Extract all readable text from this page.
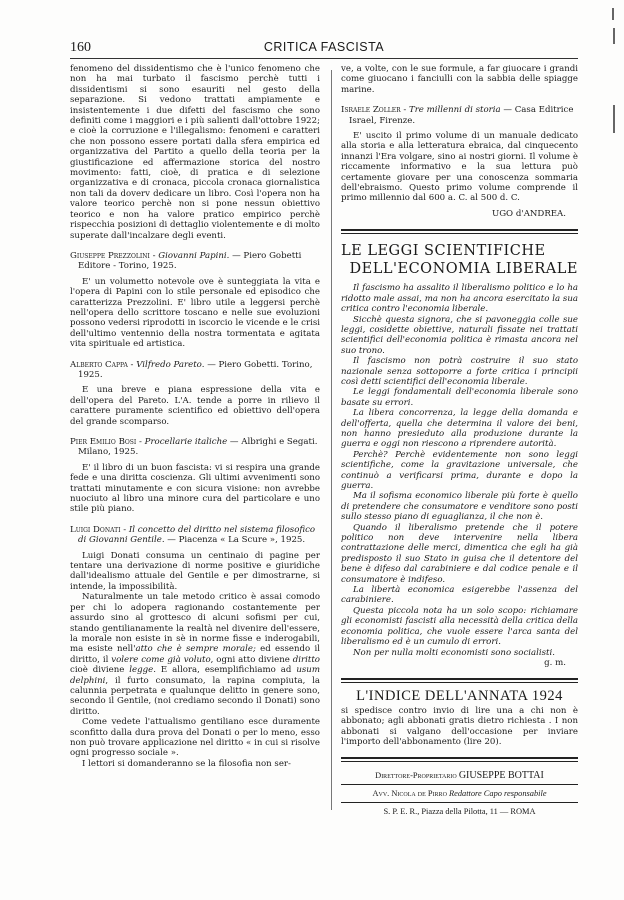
160	CRITICA FASCISTA

fenomeno del dissidentismo che è l'unico fenomeno che non ha mai turbato il fascismo perchè tutti i dissidentismi si sono esauriti nel gesto della separazione. Si vedono trattati ampiamente e insistentemente i due difetti del fascismo che sono definiti come i maggiori e i più salienti dall'ottobre 1922; e cioè la corruzione e l'illegalismo: fenomeni e caratteri che non possono essere portati dalla sfera empirica ed organizzativa del Partito a quello della teoria per la giustificazione ed affermazione storica del nostro movimento: fatti, cioè, di pratica e di selezione organizzativa e di cronaca, piccola cronaca giornalistica non tali da doverv dedicare un libro. Così l'opera non ha valore teorico perchè non si pone nessun obiettivo teorico e non ha valore pratico empirico perchè rispecchia posizioni di dettaglio violentemente e di molto superate dall'incalzare degli eventi.

Giuseppe Prezzolini - Giovanni Papini. — Piero Gobetti Editore - Torino, 1925.

E' un volumetto notevole ove è sunteggiata la vita e l'opera di Papini con lo stile personale ed episodico che caratterizza Prezzolini. E' libro utile a leggersi perchè nell'opera dello scrittore toscano e nelle sue evoluzioni possono vedersi riprodotti in iscorcio le vicende e le crisi dell'ultimo ventennio della nostra tormentata e agitata vita spirituale ed artistica.

Alberto Cappa - Vilfredo Pareto. — Piero Gobetti. Torino, 1925.

E una breve e piana espressione della vita e dell'opera del Pareto. L'A. tende a porre in rilievo il carattere puramente scientifico ed obiettivo dell'opera del grande scomparso.

Pier Emilio Bosi - Procellarie italiche — Albrighi e Segati. Milano, 1925.

E' il libro di un buon fascista: vi si respira una grande fede e una diritta coscienza. Gli ultimi avvenimenti sono trattati minutamente e con sicura visione: non avrebbe nuociuto al libro una minore cura del particolare e uno stile più piano.

Luigi Donati - Il concetto del diritto nel sistema filosofico di Giovanni Gentile. — Piacenza « La Scure », 1925.

Luigi Donati consuma un centinaio di pagine per tentare una derivazione di norme positive e giuridiche dall'idealismo attuale del Gentile e per dimostrarne, si intende, la impossibilità.

Naturalmente un tale metodo critico è assai comodo per chi lo adopera ragionando costantemente per assurdo sino al grottesco di alcuni sofismi per cui, stando gentilianamente la realtà nel divenire dell'essere, la morale non esiste in sè in norme fisse e inderogabili, ma esiste nell'atto che è sempre morale; ed essendo il diritto, il volere come già voluto, ogni atto diviene diritto cioè diviene legge. E allora, esemplifichiamo ad usum delphini, il furto consumato, la rapina compiuta, la calunnia perpetrata e qualunque delitto in genere sono, secondo il Gentile, (noi crediamo secondo il Donati) sono diritto.

Come vedete l'attualismo gentiliano esce duramente sconfitto dalla dura prova del Donati o per lo meno, esso non può trovare applicazione nel diritto « in cui si risolve ogni progresso sociale ».

I lettori si domanderanno se la filosofia non ser-

ve, a volte, con le sue formule, a far giuocare i grandi come giuocano i fanciulli con la sabbia delle spiagge marine.

Israele Zoller - Tre millenni di storia — Casa Editrice Israel, Firenze.

E' uscito il primo volume di un manuale dedicato alla storia e alla letteratura ebraica, dal cinquecento innanzi l'Era volgare, sino ai nostri giorni. Il volume è riccamente informativo e la sua lettura può certamente giovare per una conoscenza sommaria dell'ebraismo. Questo primo volume comprende il primo millennio dal 600 a. C. al 500 d. C.

UGO d'ANDREA.

LE LEGGI SCIENTIFICHE
DELL'ECONOMIA LIBERALE

Il fascismo ha assalito il liberalismo politico e lo ha ridotto male assai, ma non ha ancora esercitato la sua critica contro l'economia liberale.

Sicchè questa signora, che si pavoneggia colle sue leggi, cosidette obiettive, naturali fissate nei trattati scientifici dell'economia politica è rimasta ancora nel suo trono.

Il fascismo non potrà costruire il suo stato nazionale senza sottoporre a forte critica i principii così detti scientifici dell'economia liberale.

Le leggi fondamentali dell'economia liberale sono basate su errori.

La libera concorrenza, la legge della domanda e dell'offerta, quella che determina il valore dei beni, non hanno presieduto alla produzione durante la guerra e oggi non riescono a riprendere autorità.

Perchè? Perchè evidentemente non sono leggi scientifiche, come la gravitazione universale, che continuò a verificarsi prima, durante e dopo la guerra.

Ma il sofisma economico liberale più forte è quello di pretendere che consumatore e venditore sono posti sullo stesso piano di eguaglianza, il che non è.

Quando il liberalismo pretende che il potere politico non deve intervenire nella libera contrattazione delle merci, dimentica che egli ha già predisposto il suo Stato in guisa che il detentore del bene è difeso dal carabiniere e dal codice penale e il consumatore è indifeso.

La libertà economica esigerebbe l'assenza del carabiniere.

Questa piccola nota ha un solo scopo: richiamare gli economisti fascisti alla necessità della critica della economia politica, che vuole essere l'arca santa del liberalismo ed è un cumulo di errori.

Non per nulla molti economisti sono socialisti.

g. m.

L'INDICE DELL'ANNATA 1924

si spedisce contro invio di lire una a chi non è abbonato; agli abbonati gratis dietro richiesta . I non abbonati si valgano dell'occasione per inviare l'importo dell'abbonamento (lire 20).

Direttore-Proprietario GIUSEPPE BOTTAI
Avv. Nicola de Pirro Redattore Capo responsabile
S. P. E. R., Piazza della Pilotta, 11 — ROMA
